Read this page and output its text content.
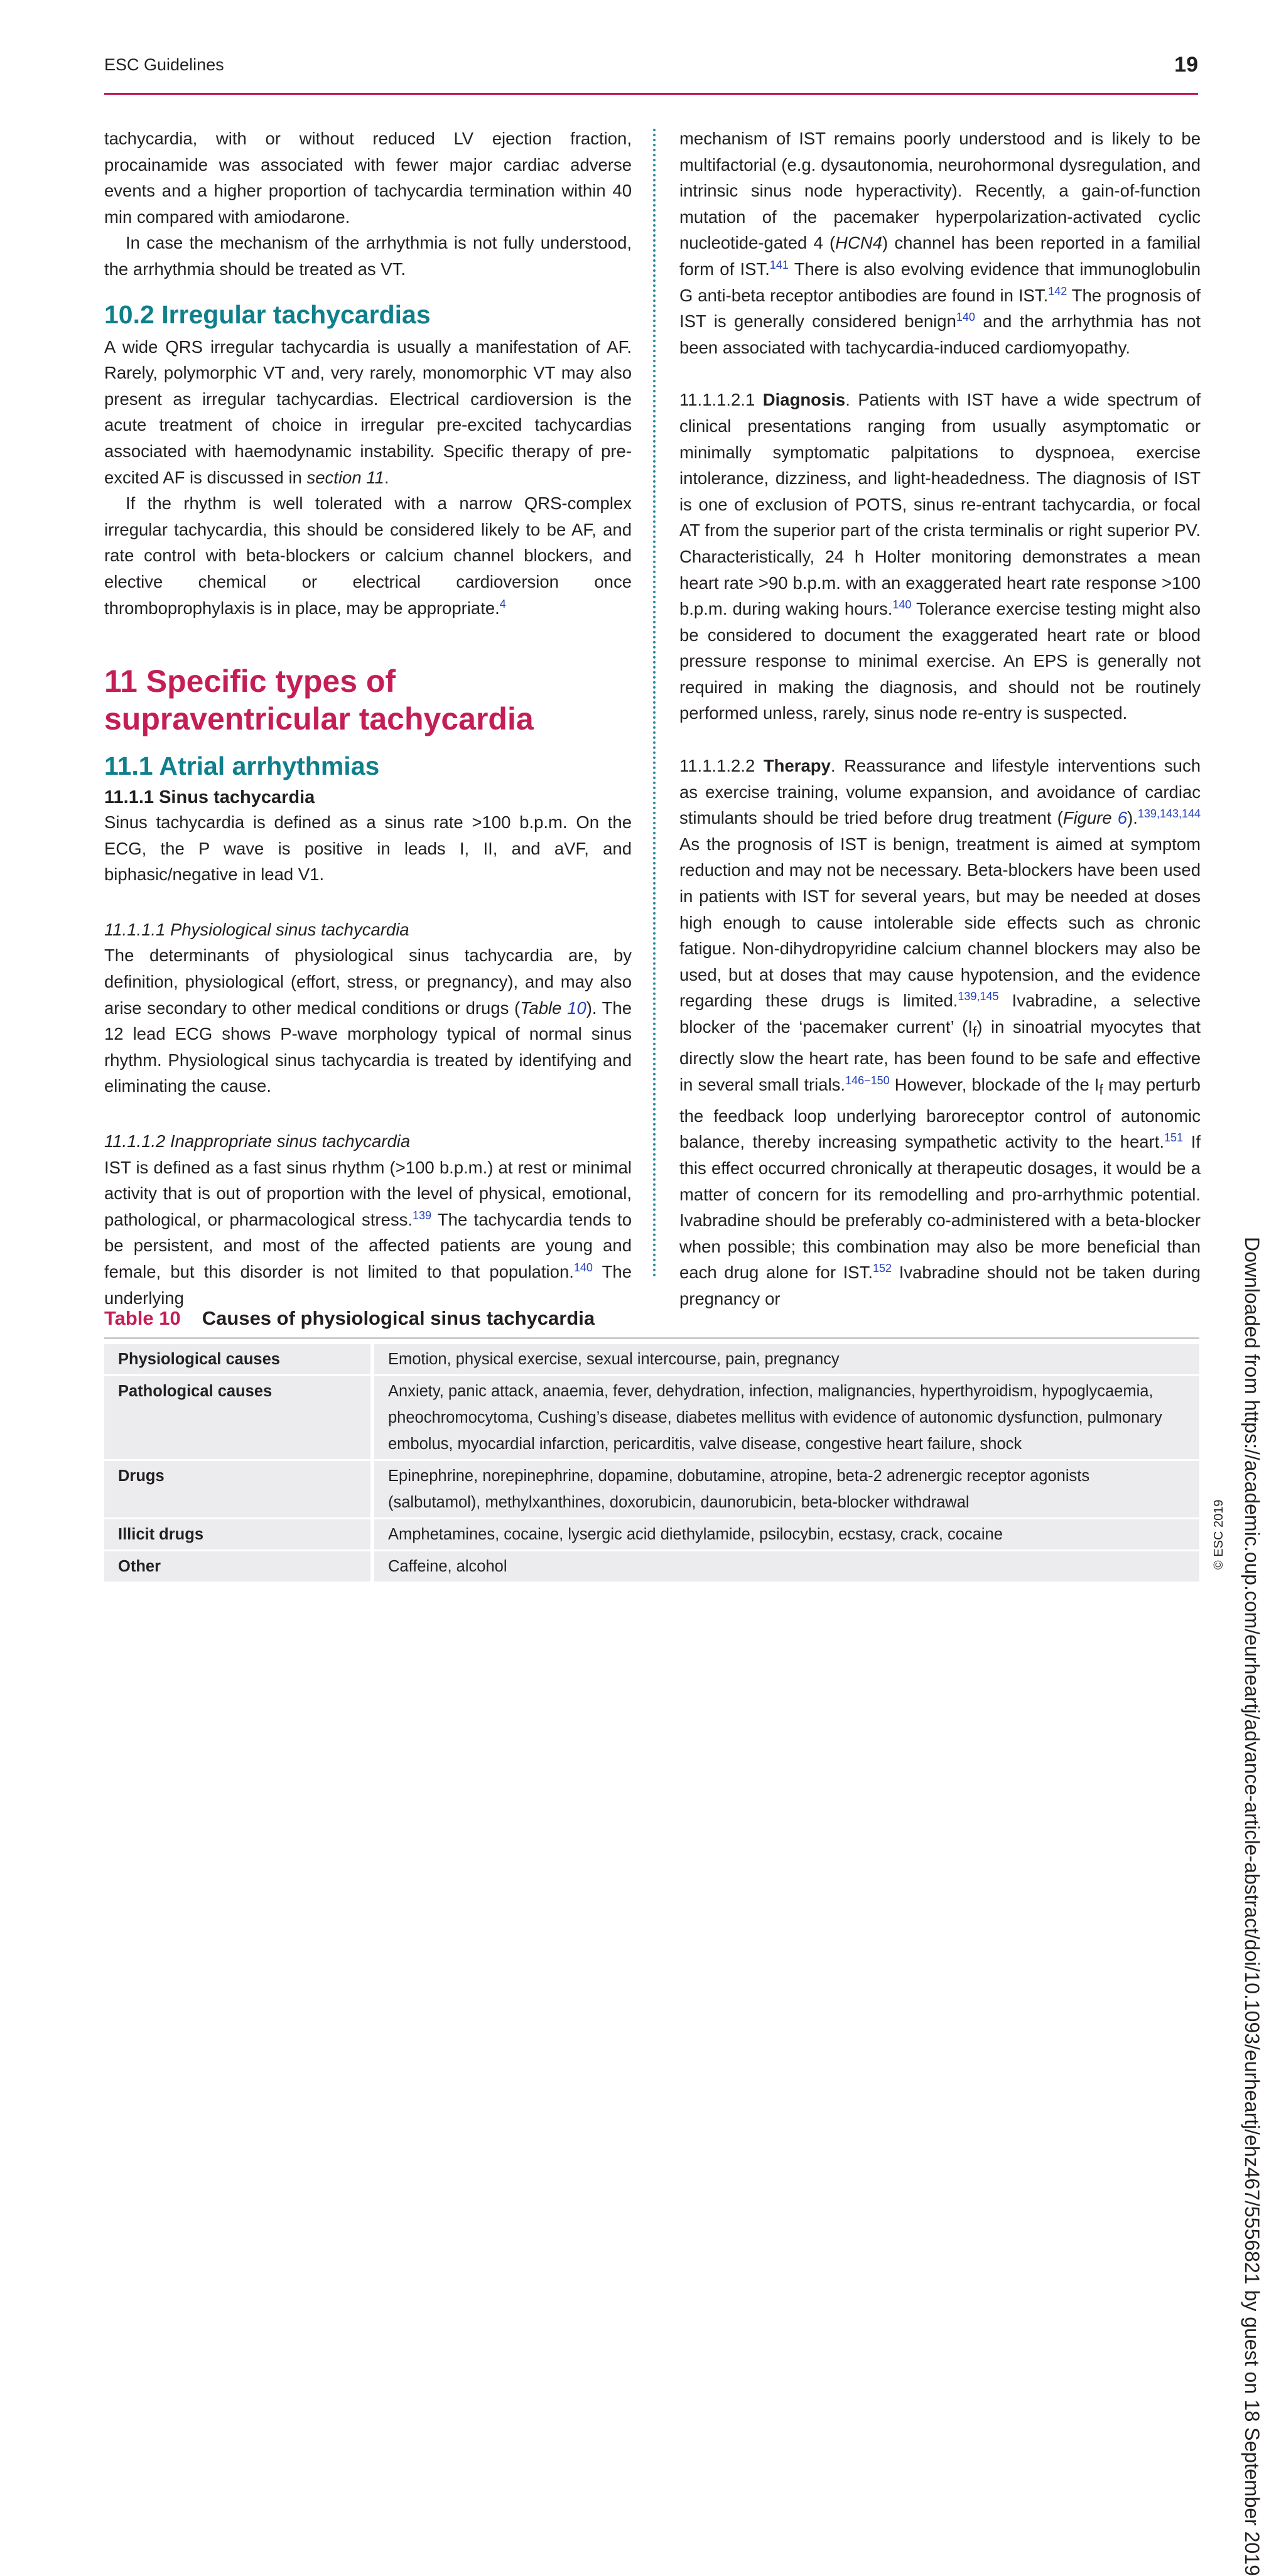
ESC Guidelines	19

tachycardia, with or without reduced LV ejection fraction, procainamide was associated with fewer major cardiac adverse events and a higher proportion of tachycardia termination within 40 min compared with amiodarone.

In case the mechanism of the arrhythmia is not fully understood, the arrhythmia should be treated as VT.

10.2 Irregular tachycardias

A wide QRS irregular tachycardia is usually a manifestation of AF. Rarely, polymorphic VT and, very rarely, monomorphic VT may also present as irregular tachycardias. Electrical cardioversion is the acute treatment of choice in irregular pre-excited tachycardias associated with haemodynamic instability. Specific therapy of pre-excited AF is discussed in section 11.

If the rhythm is well tolerated with a narrow QRS-complex irregular tachycardia, this should be considered likely to be AF, and rate control with beta-blockers or calcium channel blockers, and elective chemical or electrical cardioversion once thromboprophylaxis is in place, may be appropriate.$^4$

11 Specific types of supraventricular tachycardia
11.1 Atrial arrhythmias
11.1.1 Sinus tachycardia

Sinus tachycardia is defined as a sinus rate >100 b.p.m. On the ECG, the P wave is positive in leads I, II, and aVF, and biphasic/negative in lead V1.

11.1.1.1 Physiological sinus tachycardia

The determinants of physiological sinus tachycardia are, by definition, physiological (effort, stress, or pregnancy), and may also arise secondary to other medical conditions or drugs (Table 10). The 12 lead ECG shows P-wave morphology typical of normal sinus rhythm. Physiological sinus tachycardia is treated by identifying and eliminating the cause.

11.1.1.2 Inappropriate sinus tachycardia

IST is defined as a fast sinus rhythm (>100 b.p.m.) at rest or minimal activity that is out of proportion with the level of physical, emotional, pathological, or pharmacological stress.$^{139}$ The tachycardia tends to be persistent, and most of the affected patients are young and female, but this disorder is not limited to that population.$^{140}$ The underlying

mechanism of IST remains poorly understood and is likely to be multifactorial (e.g. dysautonomia, neurohormonal dysregulation, and intrinsic sinus node hyperactivity). Recently, a gain-of-function mutation of the pacemaker hyperpolarization-activated cyclic nucleotide-gated 4 (HCN4) channel has been reported in a familial form of IST.$^{141}$ There is also evolving evidence that immunoglobulin G anti-beta receptor antibodies are found in IST.$^{142}$ The prognosis of IST is generally considered benign$^{140}$ and the arrhythmia has not been associated with tachycardia-induced cardiomyopathy.

11.1.1.2.1 Diagnosis. Patients with IST have a wide spectrum of clinical presentations ranging from usually asymptomatic or minimally symptomatic palpitations to dyspnoea, exercise intolerance, dizziness, and light-headedness. The diagnosis of IST is one of exclusion of POTS, sinus re-entrant tachycardia, or focal AT from the superior part of the crista terminalis or right superior PV. Characteristically, 24 h Holter monitoring demonstrates a mean heart rate >90 b.p.m. with an exaggerated heart rate response >100 b.p.m. during waking hours.$^{140}$ Tolerance exercise testing might also be considered to document the exaggerated heart rate or blood pressure response to minimal exercise. An EPS is generally not required in making the diagnosis, and should not be routinely performed unless, rarely, sinus node re-entry is suspected.

11.1.1.2.2 Therapy. Reassurance and lifestyle interventions such as exercise training, volume expansion, and avoidance of cardiac stimulants should be tried before drug treatment (Figure 6).$^{139,143,144}$ As the prognosis of IST is benign, treatment is aimed at symptom reduction and may not be necessary. Beta-blockers have been used in patients with IST for several years, but may be needed at doses high enough to cause intolerable side effects such as chronic fatigue. Non-dihydropyridine calcium channel blockers may also be used, but at doses that may cause hypotension, and the evidence regarding these drugs is limited.$^{139,145}$ Ivabradine, a selective blocker of the ‘pacemaker current’ $(I_f)$ in sinoatrial myocytes that directly slow the heart rate, has been found to be safe and effective in several small trials.$^{146-150}$ However, blockade of the $I_f$ may perturb the feedback loop underlying baroreceptor control of autonomic balance, thereby increasing sympathetic activity to the heart.$^{151}$ If this effect occurred chronically at therapeutic dosages, it would be a matter of concern for its remodelling and pro-arrhythmic potential. Ivabradine should be preferably co-administered with a beta-blocker when possible; this combination may also be more beneficial than each drug alone for IST.$^{152}$ Ivabradine should not be taken during pregnancy or

Table 10 Causes of physiological sinus tachycardia
Physiological causes	Emotion, physical exercise, sexual intercourse, pain, pregnancy
Pathological causes	Anxiety, panic attack, anaemia, fever, dehydration, infection, malignancies, hyperthyroidism, hypoglycaemia, pheochromocytoma, Cushing’s disease, diabetes mellitus with evidence of autonomic dysfunction, pulmonary embolus, myocardial infarction, pericarditis, valve disease, congestive heart failure, shock
Drugs	Epinephrine, norepinephrine, dopamine, dobutamine, atropine, beta-2 adrenergic receptor agonists (salbutamol), methylxanthines, doxorubicin, daunorubicin, beta-blocker withdrawal
Illicit drugs	Amphetamines, cocaine, lysergic acid diethylamide, psilocybin, ecstasy, crack, cocaine
Other	Caffeine, alcohol	© ESC 2019 Downloaded from https://academic.oup.com/eurheartj/advance-article-abstract/doi/10.1093/eurheartj/ehz467/5556821 by guest on 18 September 2019
